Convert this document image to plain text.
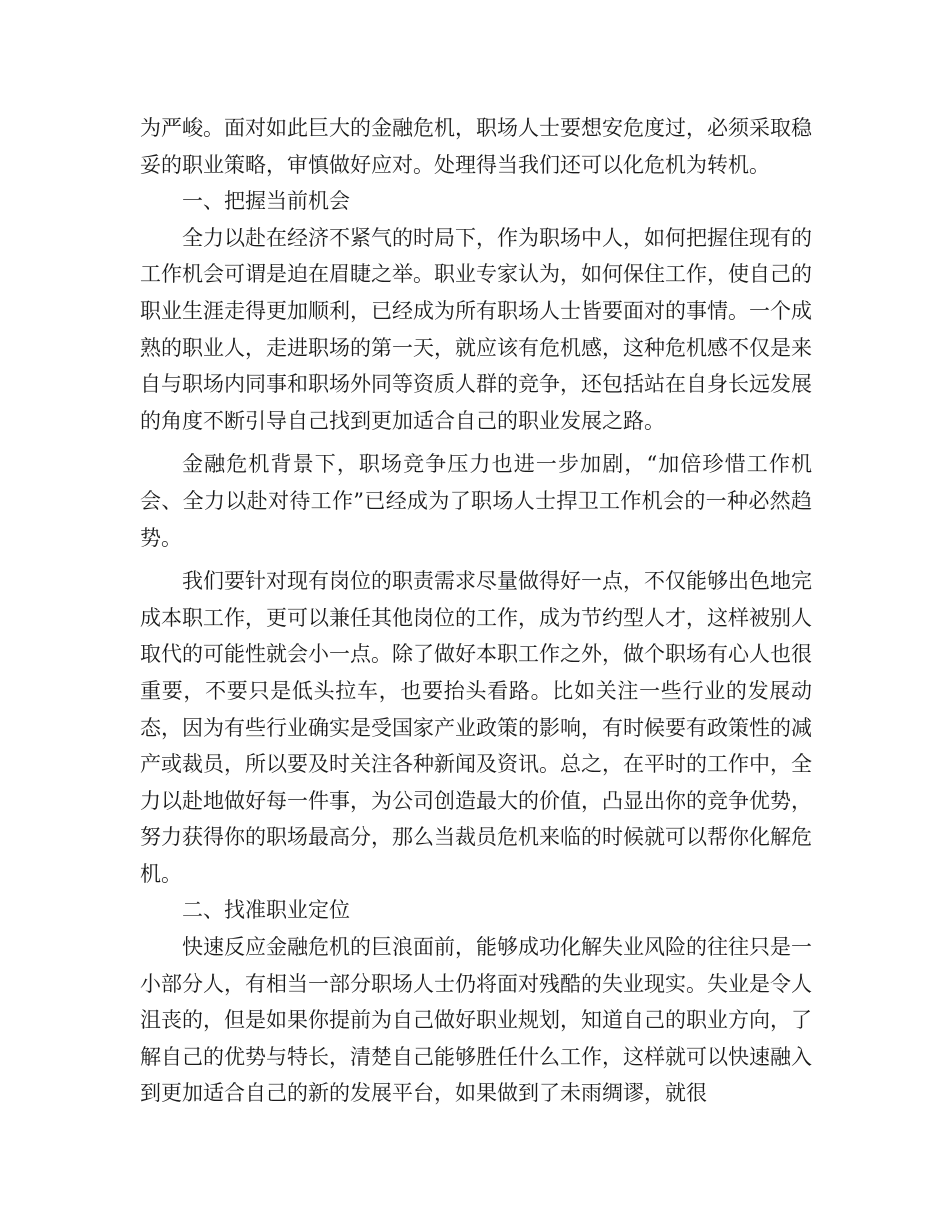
为严峻。面对如此巨大的金融危机，职场人士要想安危度过，必须采取稳妥的职业策略，审慎做好应对。处理得当我们还可以化危机为转机。

一、把握当前机会

全力以赴在经济不紧气的时局下，作为职场中人，如何把握住现有的工作机会可谓是迫在眉睫之举。职业专家认为，如何保住工作，使自己的职业生涯走得更加顺利，已经成为所有职场人士皆要面对的事情。一个成熟的职业人，走进职场的第一天，就应该有危机感，这种危机感不仅是来自与职场内同事和职场外同等资质人群的竞争，还包括站在自身长远发展的角度不断引导自己找到更加适合自己的职业发展之路。

金融危机背景下，职场竞争压力也进一步加剧，“加倍珍惜工作机会、全力以赴对待工作”已经成为了职场人士捍卫工作机会的一种必然趋势。

我们要针对现有岗位的职责需求尽量做得好一点，不仅能够出色地完成本职工作，更可以兼任其他岗位的工作，成为节约型人才，这样被别人取代的可能性就会小一点。除了做好本职工作之外，做个职场有心人也很重要，不要只是低头拉车，也要抬头看路。比如关注一些行业的发展动态，因为有些行业确实是受国家产业政策的影响，有时候要有政策性的减产或裁员，所以要及时关注各种新闻及资讯。总之，在平时的工作中，全力以赴地做好每一件事，为公司创造最大的价值，凸显出你的竞争优势，努力获得你的职场最高分，那么当裁员危机来临的时候就可以帮你化解危机。

二、找准职业定位

快速反应金融危机的巨浪面前，能够成功化解失业风险的往往只是一小部分人，有相当一部分职场人士仍将面对残酷的失业现实。失业是令人沮丧的，但是如果你提前为自己做好职业规划，知道自己的职业方向，了解自己的优势与特长，清楚自己能够胜任什么工作，这样就可以快速融入到更加适合自己的新的发展平台，如果做到了未雨绸谬，就很
